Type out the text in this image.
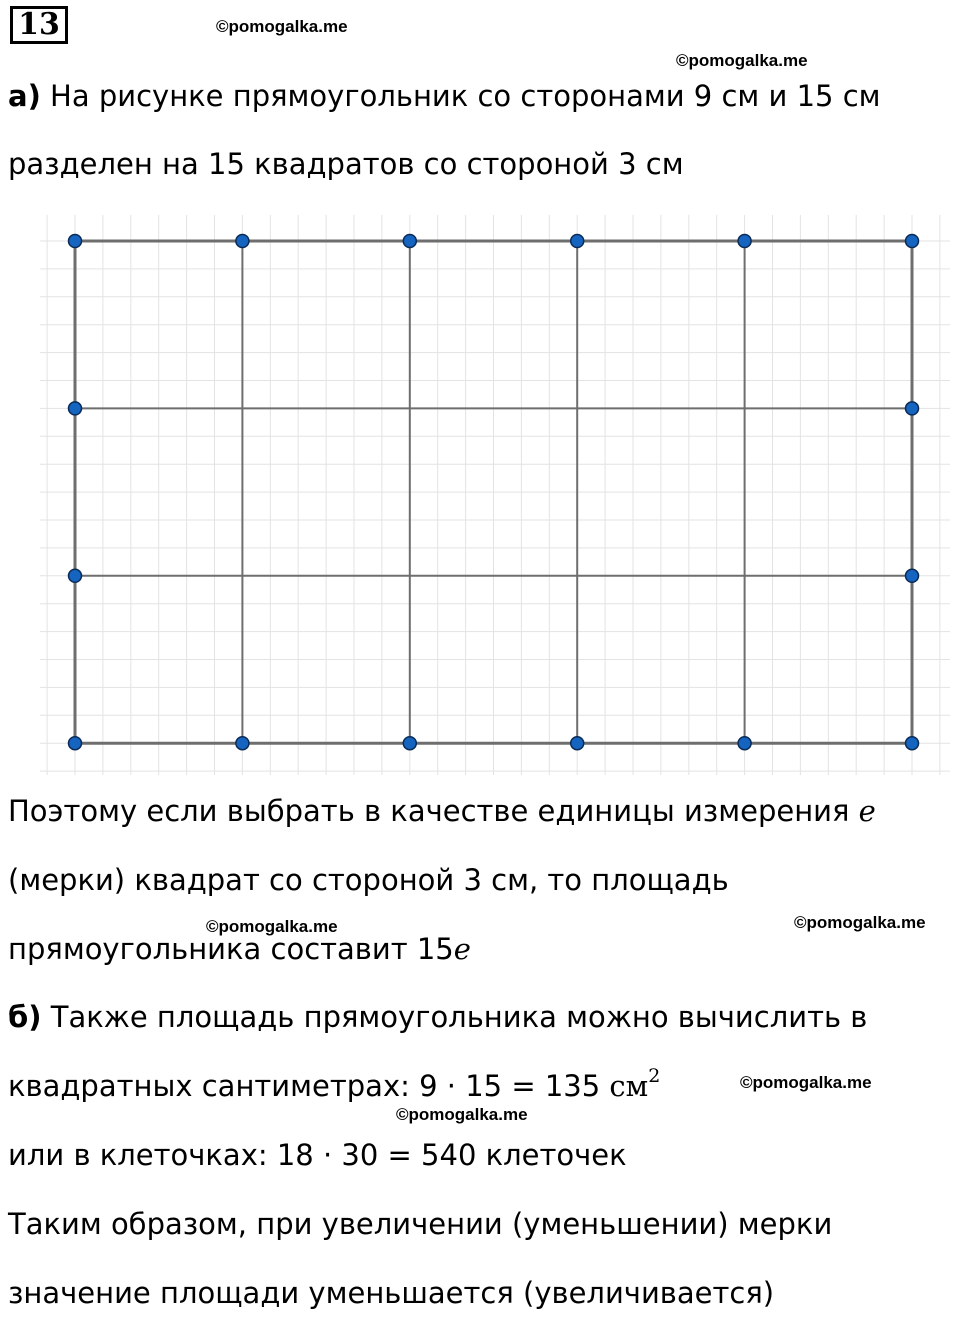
13	©pomogalka.me
©pomogalka.me
а) На рисунке прямоугольник со сторонами 9 см и 15 см
разделен на 15 квадратов со стороной 3 см
Поэтому если выбрать в качестве единицы измерения e
(мерки) квадрат со стороной 3 см, то площадь
©pomogalka.me	©pomogalka.me
прямоугольника составит 15e
б) Также площадь прямоугольника можно вычислить в
квадратных сантиметрах: 9 · 15 = 135 $см^2$	©pomogalka.me
©pomogalka.me
или в клеточках: 18 · 30 = 540 клеточек
Таким образом, при увеличении (уменьшении) мерки
значение площади уменьшается (увеличивается)
